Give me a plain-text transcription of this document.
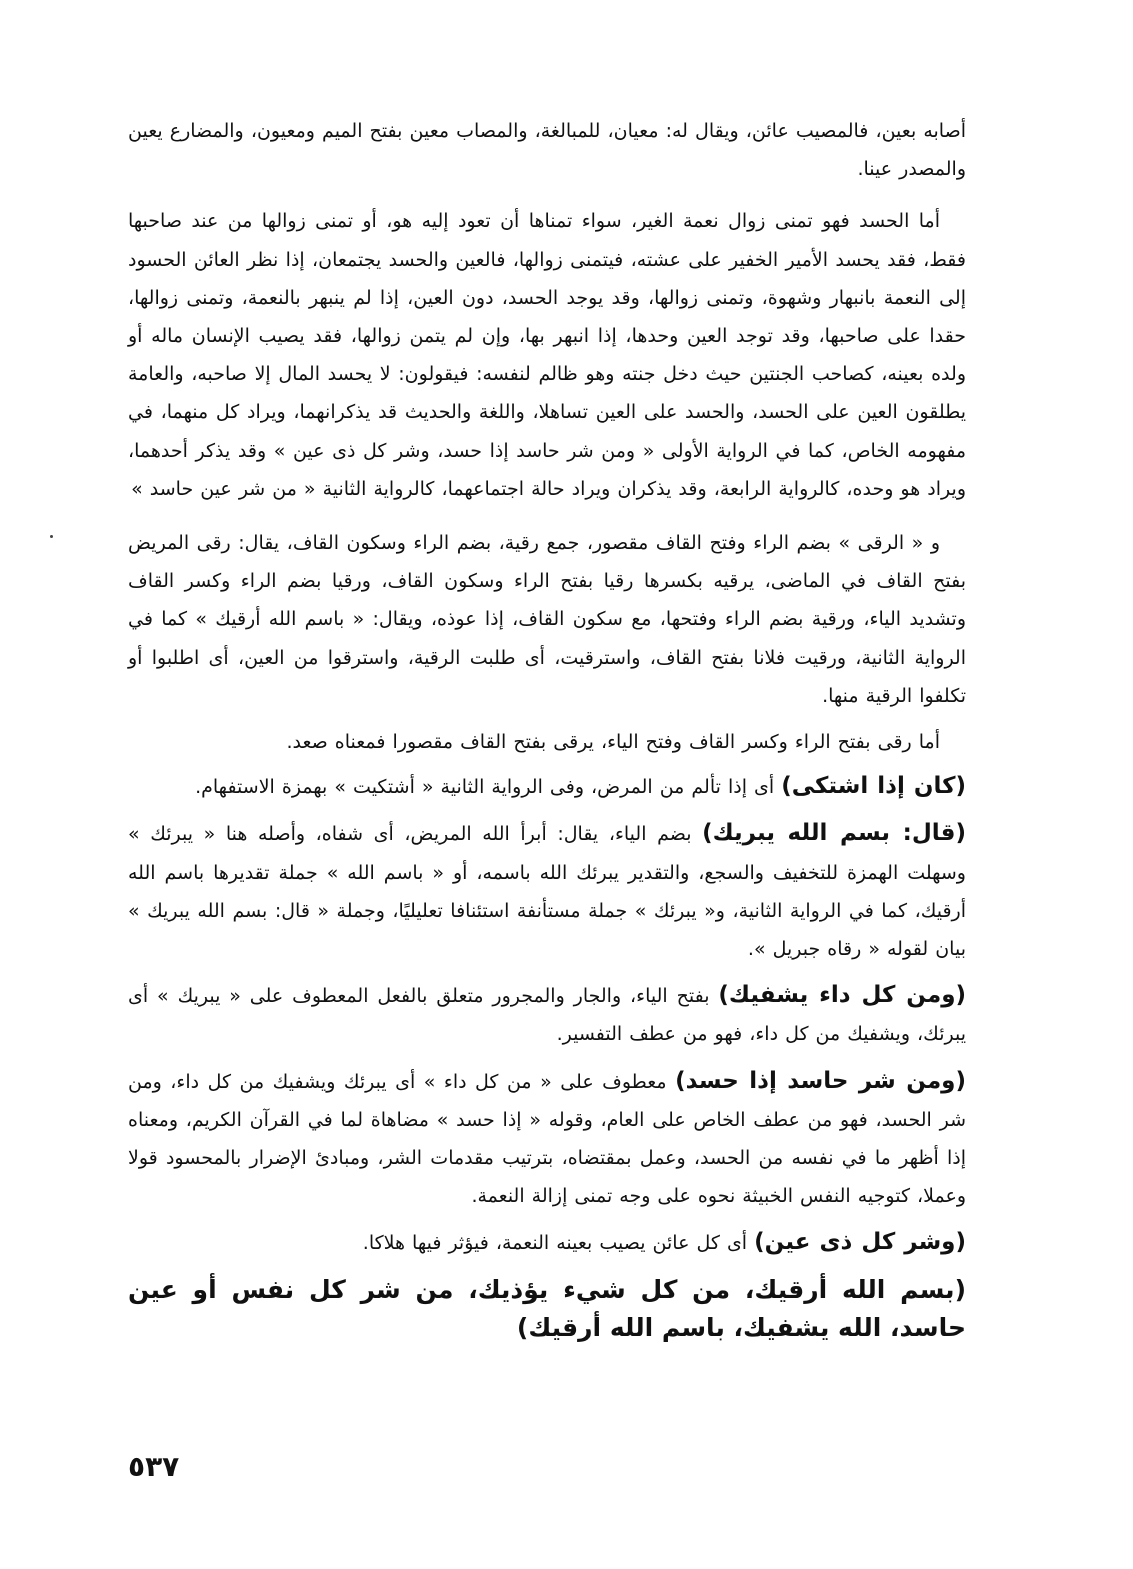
أصابه بعين، فالمصيب عائن، ويقال له: معيان، للمبالغة، والمصاب معين بفتح الميم ومعيون، والمضارع يعين والمصدر عينا.

أما الحسد فهو تمنى زوال نعمة الغير، سواء تمناها أن تعود إليه هو، أو تمنى زوالها من عند صاحبها فقط، فقد يحسد الأمير الخفير على عشته، فيتمنى زوالها، فالعين والحسد يجتمعان، إذا نظر العائن الحسود إلى النعمة بانبهار وشهوة، وتمنى زوالها، وقد يوجد الحسد، دون العين، إذا لم ينبهر بالنعمة، وتمنى زوالها، حقدا على صاحبها، وقد توجد العين وحدها، إذا انبهر بها، وإن لم يتمن زوالها، فقد يصيب الإنسان ماله أو ولده بعينه، كصاحب الجنتين حيث دخل جنته وهو ظالم لنفسه: فيقولون: لا يحسد المال إلا صاحبه، والعامة يطلقون العين على الحسد، والحسد على العين تساهلا، واللغة والحديث قد يذكرانهما، ويراد كل منهما، في مفهومه الخاص، كما في الرواية الأولى « ومن شر حاسد إذا حسد، وشر كل ذى عين » وقد يذكر أحدهما، ويراد هو وحده، كالرواية الرابعة، وقد يذكران ويراد حالة اجتماعهما، كالرواية الثانية « من شر عين حاسد »

و « الرقى » بضم الراء وفتح القاف مقصور، جمع رقية، بضم الراء وسكون القاف، يقال: رقى المريض بفتح القاف في الماضى، يرقيه بكسرها رقيا بفتح الراء وسكون القاف، ورقيا بضم الراء وكسر القاف وتشديد الياء، ورقية بضم الراء وفتحها، مع سكون القاف، إذا عوذه، ويقال: « باسم الله أرقيك » كما في الرواية الثانية، ورقيت فلانا بفتح القاف، واسترقيت، أى طلبت الرقية، واسترقوا من العين، أى اطلبوا أو تكلفوا الرقية منها.

أما رقى بفتح الراء وكسر القاف وفتح الياء، يرقى بفتح القاف مقصورا فمعناه صعد.

(كان إذا اشتكى) أى إذا تألم من المرض، وفى الرواية الثانية « أشتكيت » بهمزة الاستفهام.

(قال: بسم الله يبريك) بضم الياء، يقال: أبرأ الله المريض، أى شفاه، وأصله هنا « يبرئك » وسهلت الهمزة للتخفيف والسجع، والتقدير يبرئك الله باسمه، أو « باسم الله » جملة تقديرها باسم الله أرقيك، كما في الرواية الثانية، و« يبرئك » جملة مستأنفة استئنافا تعليليًا، وجملة « قال: بسم الله يبريك » بيان لقوله « رقاه جبريل ».

(ومن كل داء يشفيك) بفتح الياء، والجار والمجرور متعلق بالفعل المعطوف على « يبريك » أى يبرئك، ويشفيك من كل داء، فهو من عطف التفسير.

(ومن شر حاسد إذا حسد) معطوف على « من كل داء » أى يبرئك ويشفيك من كل داء، ومن شر الحسد، فهو من عطف الخاص على العام، وقوله « إذا حسد » مضاهاة لما في القرآن الكريم، ومعناه إذا أظهر ما في نفسه من الحسد، وعمل بمقتضاه، بترتيب مقدمات الشر، ومبادئ الإضرار بالمحسود قولا وعملا، كتوجيه النفس الخبيثة نحوه على وجه تمنى إزالة النعمة.

(وشر كل ذى عين) أى كل عائن يصيب بعينه النعمة، فيؤثر فيها هلاكا.

(بسم الله أرقيك، من كل شيء يؤذيك، من شر كل نفس أو عين حاسد، الله يشفيك، باسم الله أرقيك)

٥٣٧
